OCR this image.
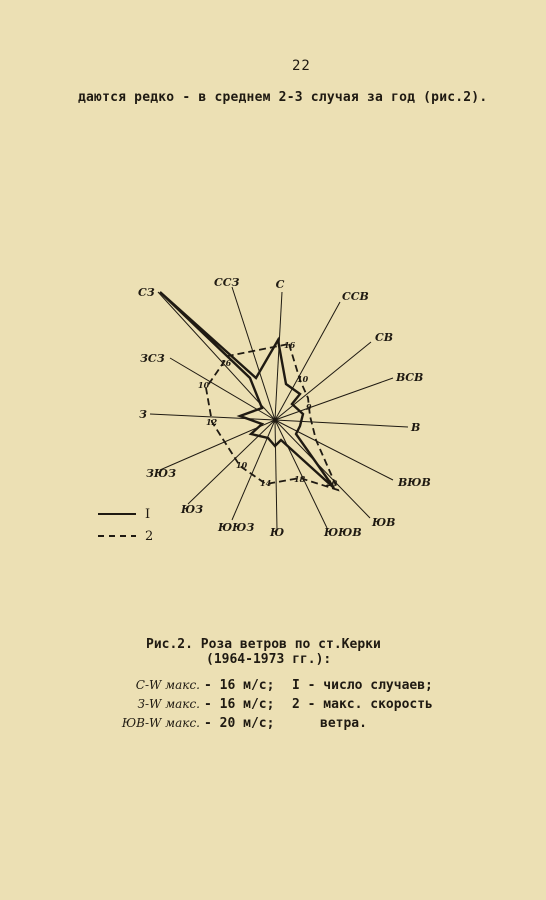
22
даются редко - в среднем 2-3 случая за год (рис.2).
С
ССВ
СВ
ВСВ
В
ВЮВ
ЮВ
ЮЮВ
Ю
ЮЮЗ
ЮЗ
ЗЮЗ
З
ЗСЗ
СЗ
ССЗ
16
16
10
12
10
9
10
14	20
18
I
2
Рис.2. Роза ветров по ст.Керки
(1964-1973 гг.):
С-W макс. - 16 м/с;
З-W макс. - 16 м/с;
ЮВ-W макс. - 20 м/с;
I - число случаев;
2 - макс. скорость
ветра.
